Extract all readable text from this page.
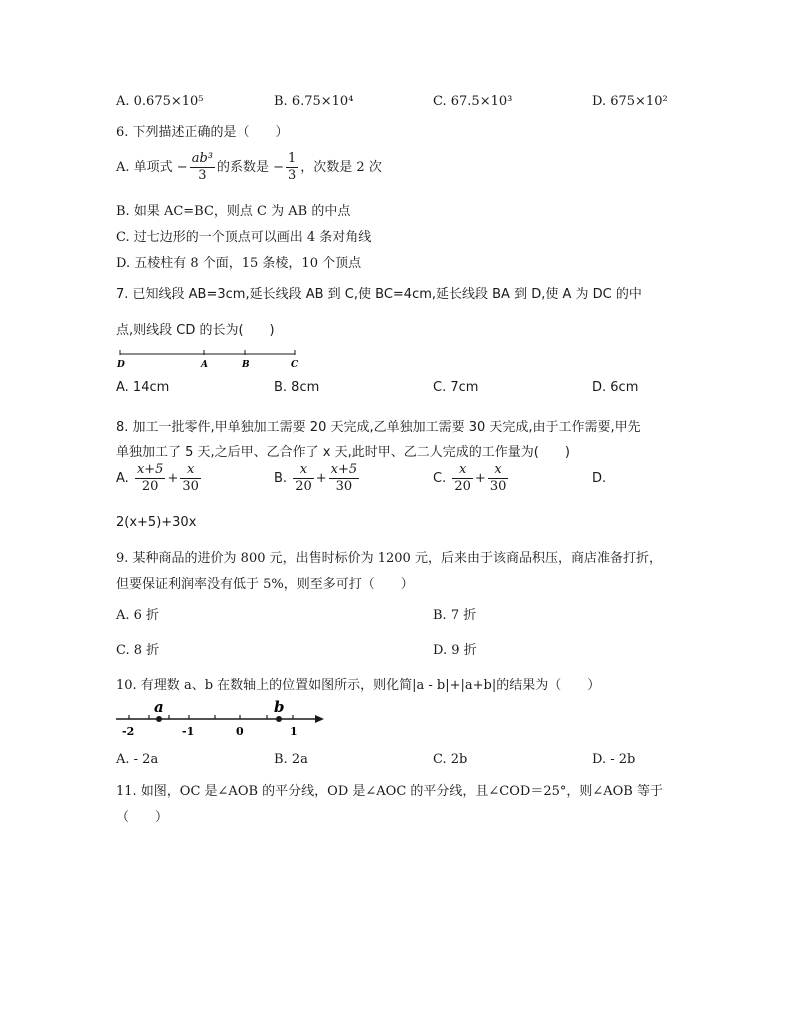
A. 0.675×10⁵	B. 6.75×10⁴	C. 67.5×10³	D. 675×10²
6. 下列描述正确的是（　　）
A. 单项式 − $\frac{\text{ab³}}{3}$ 的系数是 − $\frac{1}{3}$ ，次数是 2 次
B. 如果 AC=BC，则点 C 为 AB 的中点
C. 过七边形的一个顶点可以画出 4 条对角线
D. 五棱柱有 8 个面，15 条棱，10 个顶点
7. 已知线段 AB=3cm,延长线段 AB 到 C,使 BC=4cm,延长线段 BA 到 D,使 A 为 DC 的中
点,则线段 CD 的长为(　　)
D	A	B	C
A. 14cm	B. 8cm	C. 7cm	D. 6cm
8. 加工一批零件,甲单独加工需要 20 天完成,乙单独加工需要 30 天完成,由于工作需要,甲先
单独加工了 5 天,之后甲、乙合作了 x 天,此时甲、乙二人完成的工作量为(　　)
A. $\frac{x+5}{20} + \frac{x}{30}$	B. $\frac{x}{20} + \frac{x+5}{30}$	C. $\frac{x}{20} + \frac{x}{30}$	D.
2(x+5)+30x
9. 某种商品的进价为 800 元，出售时标价为 1200 元，后来由于该商品积压，商店准备打折，
但要保证利润率没有低于 5%，则至多可打（　　）
A. 6 折	B. 7 折
C. 8 折	D. 9 折
10. 有理数 a、b 在数轴上的位置如图所示，则化简|a - b|+|a+b|的结果为（　　）
a	b
-2	-1	0	1
A. - 2a	B. 2a	C. 2b	D. - 2b
11. 如图，OC 是∠AOB 的平分线，OD 是∠AOC 的平分线，且∠COD＝25°，则∠AOB 等于
（　　）
